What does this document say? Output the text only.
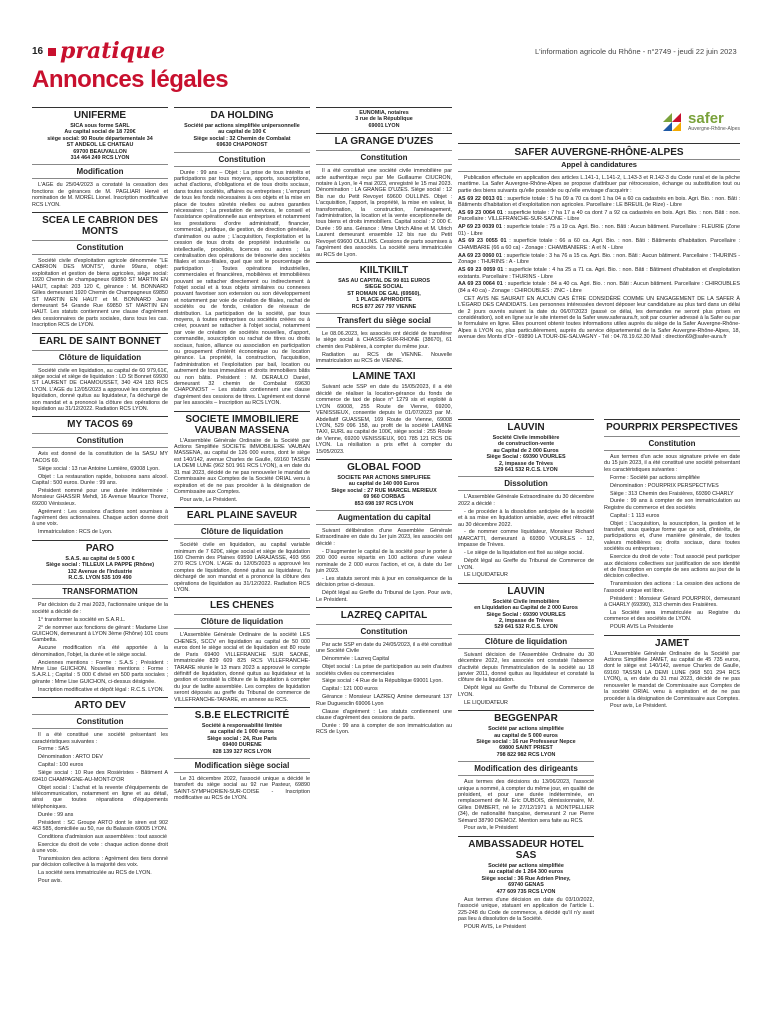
16 pratique	L'information agricole du Rhône - n°2749 - jeudi 22 juin 2023
Annonces légales
UNIFERME
SICA sous forme SARL
Au capital social de 18 720€
siège social: 90 Route départementale 34
ST ANDEOL LE CHATEAU
69700 BEAUVALLON
314 464 249 RCS LYON
Modification

L'AGE du 25/04/2023 a constaté la cessation des fonctions de gérances de M. PAGLIARI Hervé et nomination de M. MORÉL Lionel. Inscription modificative RCS LYON.

SCEA LE CABRION DES MONTS
Constitution

Société civile d'exploitation agricole dénommée "LE CABRION DES MONTS", durée 99ans, objet: exploitation et gestion de biens agricoles, siège social: 1920 Chemin de champagneux 69850 ST MARTIN EN HAUT, capital: 203 120 €, gérance : M. BONNARD Gilles demeurant 1920 Chemin de Champagneux 69850 ST MARTIN EN HAUT et M. BONNARD Jean demeurant 54 Grande Rue 69850 ST MARTIN EN HAUT. Les statuts contiennent une clause d'agrément des cessionnaires de parts sociales, dans tous les cas. Inscription RCS de LYON.

EARL DE SAINT BONNET
Clôture de liquidation

Société civile en liquidation, au capital de 60 979,61€, siège social et siège de liquidation : LD St Bonnet 69930 ST LAURENT DE CHAMOUSSET, 340 424 183 RCS LYON. L'AGE du 12/05/2023 a approuvé les comptes de liquidation, donné quitus au liquidateur, l'a déchargé de son mandat et a prononcé la clôture des opérations de liquidation au 31/12/2022. Radiation RCS LYON.

MY TACOS 69
Constitution

Avis est donné de la constitution de la SASU MY TACOS 69.

Siège social : 13 rue Antoine Lumière, 69008 Lyon.

Objet : La restauration rapide, boissons sans alcool. Capital : 500 euros. Durée : 99 ans.

Président nommé pour une durée indéterminée : Monsieur GHASSIR Mehdi, 16 Avenue Maurice Thorez, 69200 Vénissieux.

Agrément : Les cessions d'actions sont soumises à l'agrément des actionnaires. Chaque action donne droit à une voix.

Immatriculation : RCS de Lyon.

PARO
S.A.S. au capital de 5 000 €
Siège social : TILLEUX LA PAPPE (Rhône)
132 Avenue de l'Industrie
R.C.S. LYON 535 109 490
TRANSFORMATION

Par décision du 2 mai 2023, l'actionnaire unique de la société a décidé de :

1° transformer la société en S.A.R.L.

2° de nommer aux fonctions de gérant : Madame Lise GUICHON, demeurant à LYON 3ème (Rhône) 101 cours Gambetta.

Aucune modification n'a été apportée à la dénomination, l'objet, la durée et le siège social.

Anciennes mentions : Forme : S.A.S ; Président : Mme Lise GUICHON. Nouvelles mentions : Forme : S.A.R.L ; Capital : 5 000 € divisé en 500 parts sociales ; gérante : Mme Lise GUICHON, ci-dessus désignée.

Inscription modificative et dépôt légal : R.C.S. LYON.

ARTO DEV
Constitution

Il a été constitué une société présentant les caractéristiques suivantes :

Forme : SAS

Dénomination : ARTO DEV

Capital : 100 euros

Siège social : 10 Rue des Rosiéristes - Bâtiment A 69410 CHAMPAGNE-AU-MONT-D'OR

Objet social : L'achat et la revente d'équipements de télécommunication, notamment en ligne et au détail, ainsi que toutes réparations d'équipements téléphoniques.

Durée : 99 ans

Président : SC Groupe ARTO dont le siren est 902 463 585, domiciliée au 50, rue du Balassin 69005 LYON.

Conditions d'admission aux assemblées : tout associé

Exercice du droit de vote : chaque action donne droit à une voix.

Transmission des actions : Agrément des tiers donné par décision collective à la majorité des voix.

La société sera immatriculée au RCS de LYON.

Pour avis.

DA HOLDING
Société par actions simplifiée unipersonnelle
au capital de 100 €
Siège social : 32 Chemin de Combalat
69630 CHAPONOST
Constitution

Durée : 99 ans – Objet : La prise de tous intérêts et participations par tous moyens, apports, souscriptions, achat d'actions, d'obligations et de tous droits sociaux, dans toutes sociétés, affaires ou entreprises ; L'emprunt de tous les fonds nécessaires à ces objets et la mise en place de toutes sûretés réelles ou autres garanties nécessaires ; La prestation de services, le conseil et l'assistance opérationnelle aux entreprises et notamment les prestations d'ordre administratif, financier, commercial, juridique, de gestion, de direction générale, d'animation ou autre ; L'acquisition, l'exploitation et la cession de tous droits de propriété industrielle ou intellectuelle, procédés, licences ou autres ; La centralisation des opérations de trésorerie des sociétés filiales et sous-filiales, quel que soit le pourcentage de participation ; Toutes opérations industrielles, commerciales et financières, mobilières et immobilières pouvant se rattacher directement ou indirectement à l'objet social et à tous objets similaires ou connexes pouvant favoriser son extension ou son développement et notamment par voie de création de filiales, rachat de sociétés ou de fonds, création de réseaux de distribution. La participation de la société, par tous moyens, à toutes entreprises ou sociétés créées ou à créer, pouvant se rattacher à l'objet social, notamment par voie de création de sociétés nouvelles, d'apport, commandite, souscription ou rachat de titres ou droits sociaux, fusion, alliance ou association en participation ou groupement d'intérêt économique ou de location gérance. La propriété, la construction, l'acquisition, l'administration et l'exploitation par bail, location ou autrement de tous immeubles et droits immobiliers bâtis ou non bâtis. Président : M. DERAULO Daniel, demeurant 32 chemin de Combalat 69630 CHAPONOST – Les statuts contiennent une clause d'agrément des cessions de titres. L'agrément est donné par les associés – Inscription au RCS LYON.

SOCIETE IMMOBILIERE VAUBAN MASSENA

L'Assemblée Générale Ordinaire de la Société par Actions Simplifiée SOCIETE IMMOBILIERE VAUBAN MASSENA, au capital de 126 000 euros, dont le siège est 140/142, avenue Charles de Gaulle, 69160 TASSIN LA DEMI LUNE (962 501 961 RCS LYON), a en date du 31 mai 2023, décidé de ne pas renouveler le mandat de Commissaire aux Comptes de la Société ORIAL venu à expiration et de ne pas procéder à la désignation de Commissaire aux Comptes.

Pour avis, Le Président.

EARL PLAINE SAVEUR
Clôture de liquidation

Société civile en liquidation, au capital variable minimum de 7 620€, siège social et siège de liquidation 160 Chemin des Plaines 69590 LARAJASSE, 493 956 270 RCS LYON. L'AGE du 12/05/2023 a approuvé les comptes de liquidation, donné quitus au liquidateur, l'a déchargé de son mandat et a prononcé la clôture des opérations de liquidation au 31/12/2022. Radiation RCS LYON.

LES CHENES
Clôture de liquidation

L'Assemblée Générale Ordinaire de la société LES CHENES, SCCV en liquidation au capital de 50 000 euros dont le siège social et de liquidation est 80 route de Paris 69400 VILLEFRANCHE SUR SAONE, immatriculée 829 609 825 RCS VILLEFRANCHE-TARARE réunie le 13 mars 2023 a approuvé le compte définitif de liquidation, donné quitus au liquidateur et la gestion et constaté la clôture de la liquidation à compter du jour de ladite assemblée. Les comptes de liquidation seront déposés au greffe du Tribunal de commerce de VILLEFRANCHE-TARARE, en annexe au RCS.

S.B.E ELECTRICITÉ
Société à responsabilité limitée
au capital de 1 000 euros
Siège social : 24, Rue Paris
69400 DURENE
828 139 327 RCS LYON
Modification siège social

Le 31 décembre 2022, l'associé unique a décidé le transfert du siège social au 92 rue Pasteur, 69890 SAINT-SYMPHORIEN-SUR-COISE - Inscription modificative au RCS de LYON.

EUNOMIA, notaires
3 rue de la République
69001 LYON
LA GRANGE D'UZES
Constitution

Il a été constitué une société civile immobilière par acte authentique reçu par Me Guillaume CIUCRON, notaire à Lyon, le 4 mai 2023, enregistré le 15 mai 2023. Dénomination : LA GRANGE D'UZES. Siège social : 12 Bis rue du Petit Revoyet 69600 OULLINS. Objet : L'acquisition, l'apport, la propriété, la mise en valeur, la transformation, la construction, l'aménagement, l'administration, la location et la vente exceptionnelle de tous biens et droits immobiliers. Capital social : 2 000 €. Durée : 99 ans. Gérance : Mme Ulrich Aline et M. Ulrich Laurent demeurant ensemble 12 bis rue du Petit Revoyet 69600 OULLINS. Cessions de parts soumises à l'agrément des associés. La société sera immatriculée au RCS de Lyon.

KIILTKIILT
SAS AU CAPITAL DE 99 811 EUROS
SIEGE SOCIAL
ST ROMAIN DE GAL (69560),
1 PLACE APHRODITE
RCS 877 267 797 VIENNE
Transfert du siège social

Le 08.06.2023, les associés ont décidé de transférer le siège social à CHASSE-SUR-RHONE (38670), 61 chemin des Pablères, à compter du même jour.

Radiation au RCS de VIENNE. Nouvelle immatriculation au RCS de VIENNE.

LAMINE TAXI

Suivant acte SSP en date du 15/05/2023, il a été décidé de réaliser la location-gérance du fonds de commerce de taxi de place n° 1279 sis et exploité à LYON 69008, 255 Route de Vienne, 69200, VENISSIEUX, consentie depuis le 01/07/2023 par M. Abdellatif GUASSEM, 169 Route de Vienne, 69008 LYON, 529 096 158, au profit de la société LAMINE TAXI, EURL au capital de 100€, siège social : 255 Route de Vienne, 69200 VENISSIEUX, 901 785 121 RCS DE LYON. La résiliation a pris effet à compter du 15/05/2023.

GLOBAL FOOD
SOCIETE PAR ACTIONS SIMPLIFIEE
au capital de 140 000 Euros
Siège social : 27 RUE MARCEL MERIEUX
69 960 CORBAS
853 698 197 RCS LYON
Augmentation du capital

Suivant délibération d'une Assemblée Générale Extraordinaire en date du 1er juin 2023, les associés ont décidé :

- D'augmenter le capital de la société pour le porter à 200 000 euros répartis en 100 actions d'une valeur nominale de 2 000 euros l'action, et ce, à date du 1er juin 2023.

- Les statuts seront mis à jour en conséquence de la décision prise ci-dessus.

Dépôt légal au Greffe du Tribunal de Lyon. Pour avis, Le Président.

LAZREQ CAPITAL
Constitution

Par acte SSP en date du 24/05/2023, il a été constitué une Société Civile

Dénommée : Lazreq Capital

Objet social : La prise de participation au sein d'autres sociétés civiles ou commerciales

Siège social : 4 Rue de la République 69001 Lyon.

Capital : 121 000 euros

Gérance : Monsieur LAZREQ Amine demeurant 137 Rue Duguesclin 69006 Lyon

Clause d'agrément : Les statuts contiennent une clause d'agrément des cessions de parts.

Durée : 99 ans à compter de son immatriculation au RCS de Lyon.

safer
Auvergne-Rhône-Alpes
SAFER AUVERGNE-RHÔNE-ALPES
Appel à candidatures

Publication effectuée en application des articles L.141-1, L.141-2, L.143-3 et R.142-3 du Code rural et de la pêche maritime. La Safer Auvergne-Rhône-Alpes se propose d'attribuer par rétrocession, échange ou substitution tout ou partie des biens suivants qu'elle possède ou qu'elle envisage d'acquérir :

AS 69 22 0013 01 : superficie totale : 5 ha 09 a 70 ca dont 1 ha 04 a 60 ca cadastrés en bois. Agri. Bio. : non. Bâti : Bâtiments d'habitation et d'exploitation non agricoles. Parcellaire : LE BREUIL (le Rize) - Libre
AS 69 23 0064 01 : superficie totale : 7 ha 17 a 40 ca dont 7 a 92 ca cadastrés en bois. Agri. Bio. : non. Bâti : non. Parcellaire : VILLEFRANCHE-SUR-SAONE - Libre
AP 69 23 0039 01 : superficie totale : 75 a 19 ca. Agri. Bio. : non. Bâti : Aucun bâtiment. Parcellaire : FLEURIE (Zone 01) - Libre
AS 69 23 0055 01 : superficie totale : 66 a 60 ca. Agri. Bio. : non. Bâti : Bâtiments d'habitation. Parcellaire : CHAMBARIE (66 a 60 ca) - Zonage : CHAMBANIERE : A et N - Libre
AA 69 23 0060 01 : superficie totale : 3 ha 76 a 15 ca. Agri. Bio. : non. Bâti : Aucun bâtiment. Parcellaire : THURINS - Zonage : THURINS : A - Libre
AS 69 23 0059 01 : superficie totale : 4 ha 25 a 71 ca. Agri. Bio. : non. Bâti : Bâtiment d'habitation et d'exploitation existants. Parcellaire : THURINS - Libre
AA 69 23 0064 01 : superficie totale : 84 a 40 ca. Agri. Bio. : non. Bâti : Aucun bâtiment. Parcellaire : CHIROUBLES (84 a 40 ca) - Zonage : CHIROUBLES : ZNC - Libre

CET AVIS NE SAURAIT EN AUCUN CAS ÊTRE CONSIDÉRÉ COMME UN ENGAGEMENT DE LA SAFER À L'ÉGARD DES CANDIDATS. Les personnes intéressées devront déposer leur candidature au plus tard dans un délai de 2 jours ouvrés suivant la date du 06/07/2023 (passé ce délai, les demandes ne seront plus prises en considération), soit en ligne sur le site internet de la Safer www.saferaura.fr, soit par courrier adressé à la Safer ou par le formulaire en ligne. Elles pourront obtenir toutes informations utiles auprès du siège de la Safer Auvergne-Rhône-Alpes à LYON ou, plus particulièrement, auprès du service départemental de la Safer Auvergne-Rhône-Alpes, 18, avenue des Monts d'Or - 69890 LA TOUR-DE-SALVAGNY - Tél : 04.78.19.62.30 Mail : direction69@safer-aura.fr

LAUVIN
Société Civile immobilière
de construction-vente
au Capital de 2 000 Euros
Siège Social : 69390 VOURLES
2, impasse de Trèves
529 641 532 R.C.S. LYON
Dissolution

L'Assemblée Générale Extraordinaire du 30 décembre 2022 a décidé :

- de procéder à la dissolution anticipée de la société et à sa mise en liquidation amiable, avec effet rétroactif au 30 décembre 2022.

- de nommer comme liquidateur, Monsieur Richard MARCATTI, demeurant à 69390 VOURLES - 12, impasse de Trèves.

- Le siège de la liquidation est fixé au siège social.

Dépôt légal au Greffe du Tribunal de Commerce de LYON.

LE LIQUIDATEUR

LAUVIN
Société Civile immobilière
en Liquidation au Capital de 2 000 Euros
Siège Social : 69390 VOURLES
2, impasse de Trèves
529 641 532 R.C.S. LYON
Clôture de liquidation

Suivant décision de l'Assemblée Ordinaire du 30 décembre 2022, les associés ont constaté l'absence d'activité depuis l'immatriculation de la société au 18 janvier 2011, donné quitus au liquidateur et constaté la clôture de la liquidation.

Dépôt légal au Greffe du Tribunal de Commerce de LYON.

LE LIQUIDATEUR

BEGGENPAR
Société par actions simplifiée
au capital de 5 000 euros
Siège social : 16 rue Professeur Nepce
69800 SAINT PRIEST
798 822 982 RCS LYON
Modification des dirigeants

Aux termes des décisions du 13/06/2023, l'associé unique a nommé, à compter du même jour, en qualité de président, et pour une durée indéterminée, en remplacement de M. Eric DUBOIS, démissionnaire, M. Gilles DIMBERT, né le 27/12/1971 à MONTPELLIER (34), de nationalité française, demeurant 2 rue Pierre Sémard 38790 DIEMOZ. Mention sera faite au RCS.

Pour avis, le Président

AMBASSADEUR HOTEL SAS
Société par actions simplifiée
au capital de 1 264 300 euros
Siège social : 36 Rue Adrien Piney,
69740 GENAS
477 609 735 RCS LYON

Aux termes d'une décision en date du 03/10/2022, l'associé unique, statuant en application de l'article L. 225-248 du Code de commerce, a décidé qu'il n'y avait pas lieu à dissolution de la Société.

POUR AVIS, Le Président

POURPRIX PERSPECTIVES
Constitution

Aux termes d'un acte sous signature privée en date du 15 juin 2023, il a été constitué une société présentant les caractéristiques suivantes :

Forme : Société par actions simplifiée

Dénomination : POURPRIX PERSPECTIVES

Siège : 313 Chemin des Fraisières, 69390 CHARLY

Durée : 99 ans à compter de son immatriculation au Registre du commerce et des sociétés

Capital : 1 113 euros

Objet : L'acquisition, la souscription, la gestion et le transfert, sous quelque forme que ce soit, d'intérêts, de participations et, d'une manière générale, de toutes valeurs mobilières ou droits sociaux, dans toutes sociétés ou entreprises ;

Exercice du droit de vote : Tout associé peut participer aux décisions collectives sur justification de son identité et de l'inscription en compte de ses actions au jour de la décision collective.

Transmission des actions : La cession des actions de l'associé unique est libre.

Président : Monsieur Gérard POURPRIX, demeurant à CHARLY (69390), 313 chemin des Fraisières.

La Société sera immatriculée au Registre du commerce et des sociétés de LYON.

POUR AVIS La Présidente

JAMET

L'Assemblée Générale Ordinaire de la Société par Actions Simplifiée JAMET, au capital de 45 735 euros, dont le siège est 140/142, avenue Charles de Gaulle, 69160 TASSIN LA DEMI LUNE (968 501 294 RCS LYON), a, en date du 31 mai 2023, décidé de ne pas renouveler le mandat de Commissaire aux Comptes de la société ORIAL venu à expiration et de ne pas procéder à la désignation de Commissaire aux Comptes.

Pour avis, Le Président.
